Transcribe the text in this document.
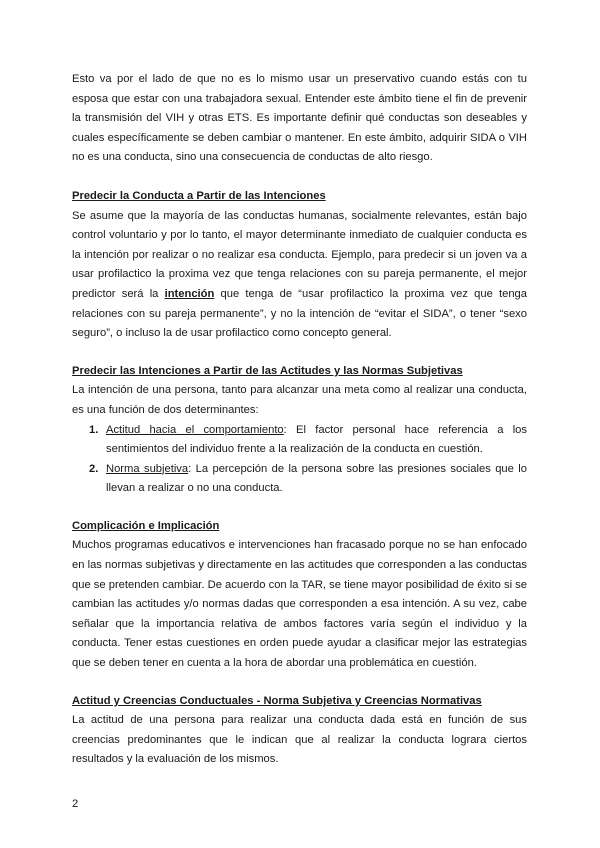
Esto va por el lado de que no es lo mismo usar un preservativo cuando estás con tu esposa que estar con una trabajadora sexual. Entender este ámbito tiene el fin de prevenir la transmisión del VIH y otras ETS. Es importante definir qué conductas son deseables y cuales específicamente se deben cambiar o mantener. En este ámbito, adquirir SIDA o VIH no es una conducta, sino una consecuencia de conductas de alto riesgo.

Predecir la Conducta a Partir de las Intenciones

Se asume que la mayoría de las conductas humanas, socialmente relevantes, están bajo control voluntario y por lo tanto, el mayor determinante inmediato de cualquier conducta es la intención por realizar o no realizar esa conducta. Ejemplo, para predecir si un joven va a usar profilactico la proxima vez que tenga relaciones con su pareja permanente, el mejor predictor será la intención que tenga de “usar profilactico la proxima vez que tenga relaciones con su pareja permanente”, y no la intención de “evitar el SIDA”, o tener “sexo seguro”, o incluso la de usar profilactico como concepto general.

Predecir las Intenciones a Partir de las Actitudes y las Normas Subjetivas

La intención de una persona, tanto para alcanzar una meta como al realizar una conducta, es una función de dos determinantes:

1. Actitud hacia el comportamiento: El factor personal hace referencia a los sentimientos del individuo frente a la realización de la conducta en cuestión.
2. Norma subjetiva: La percepción de la persona sobre las presiones sociales que lo llevan a realizar o no una conducta.
Complicación e Implicación

Muchos programas educativos e intervenciones han fracasado porque no se han enfocado en las normas subjetivas y directamente en las actitudes que corresponden a las conductas que se pretenden cambiar. De acuerdo con la TAR, se tiene mayor posibilidad de éxito si se cambian las actitudes y/o normas dadas que corresponden a esa intención. A su vez, cabe señalar que la importancia relativa de ambos factores varía según el individuo y la conducta. Tener estas cuestiones en orden puede ayudar a clasificar mejor las estrategias que se deben tener en cuenta a la hora de abordar una problemática en cuestión.

Actitud y Creencias Conductuales - Norma Subjetiva y Creencias Normativas

La actitud de una persona para realizar una conducta dada está en función de sus creencias predominantes que le indican que al realizar la conducta lograra ciertos resultados y la evaluación de los mismos.

2
